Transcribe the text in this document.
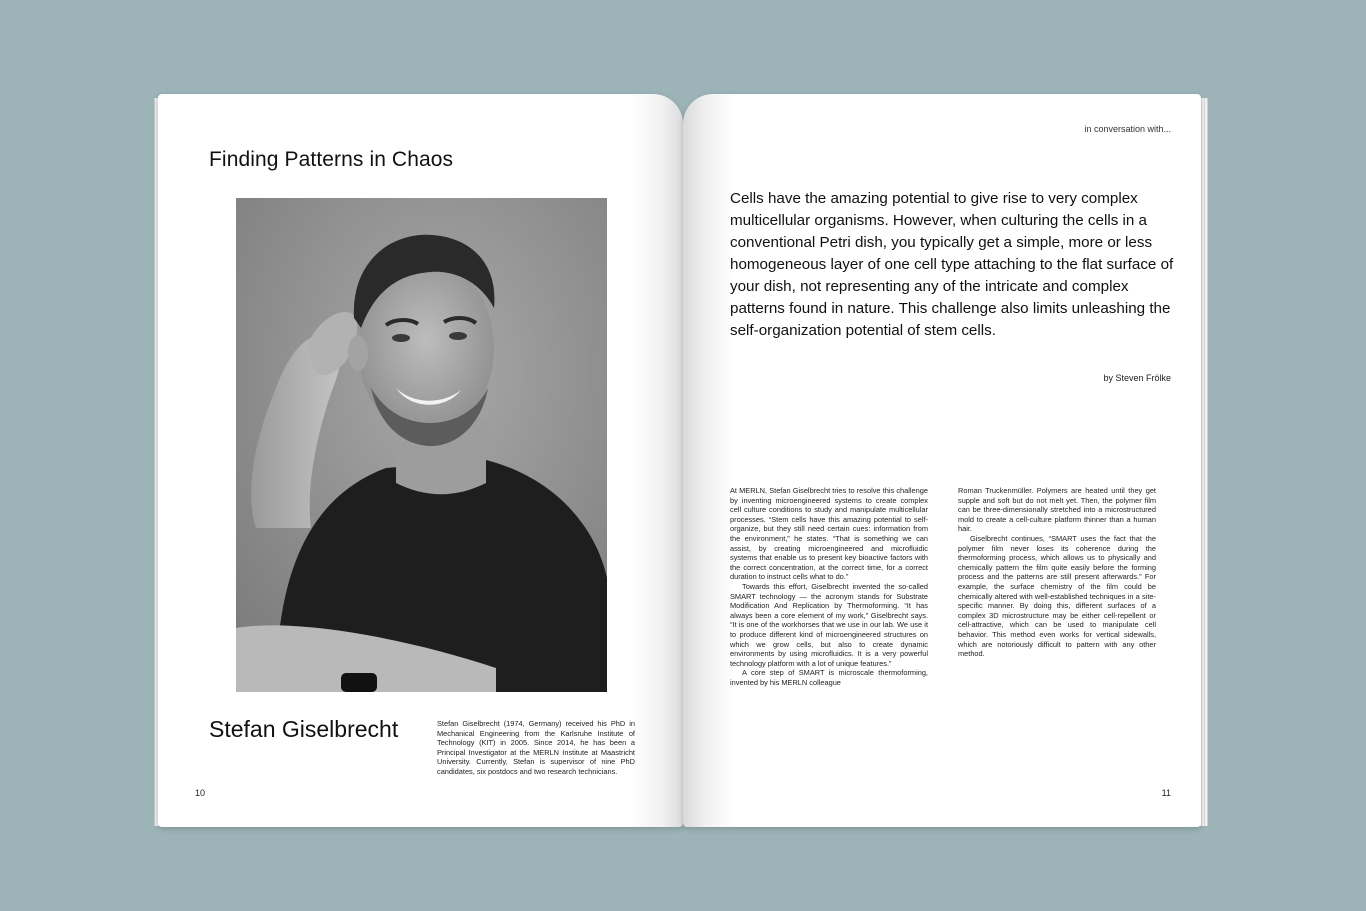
Finding Patterns in Chaos
Stefan Giselbrecht	Stefan Giselbrecht (1974, Germany) received his PhD in Mechanical Engineering from the Karlsruhe Institute of Technology (KIT) in 2005. Since 2014, he has been a Principal Investigator at the MERLN Institute at Maastricht University. Currently, Stefan is supervisor of nine PhD candidates, six postdocs and two research technicians.
10
in conversation with...
Cells have the amazing potential to give rise to very complex multicellular organisms. However, when culturing the cells in a conventional Petri dish, you typically get a simple, more or less homogeneous layer of one cell type attaching to the flat surface of your dish, not representing any of the intricate and complex patterns found in nature. This challenge also limits unleashing the self-organization potential of stem cells.
by Steven Frölke

At MERLN, Stefan Giselbrecht tries to resolve this challenge by inventing microengineered systems to create complex cell culture conditions to study and manipulate multicellular processes. “Stem cells have this amazing potential to self-organize, but they still need certain cues: information from the environment,” he states. “That is something we can assist, by creating microengineered and microfluidic systems that enable us to present key bioactive factors with the correct concentration, at the correct time, for a correct duration to instruct cells what to do.”

Towards this effort, Giselbrecht invented the so-called SMART technology — the acronym stands for Substrate Modification And Replication by Thermoforming. “It has always been a core element of my work,” Giselbrecht says. “It is one of the workhorses that we use in our lab. We use it to produce different kind of microengineered structures on which we grow cells, but also to create dynamic environments by using microfluidics. It is a very powerful technology platform with a lot of unique features.”

A core step of SMART is microscale thermoforming, invented by his MERLN colleague

Roman Truckenmüller. Polymers are heated until they get supple and soft but do not melt yet. Then, the polymer film can be three-dimensionally stretched into a microstructured mold to create a cell-culture platform thinner than a human hair.

Giselbrecht continues, “SMART uses the fact that the polymer film never loses its coherence during the thermoforming process, which allows us to physically and chemically pattern the film quite easily before the forming process and the patterns are still present afterwards.” For example, the surface chemistry of the film could be chemically altered with well-established techniques in a site-specific manner. By doing this, different surfaces of a complex 3D microstructure may be either cell-repellent or cell-attractive, which can be used to manipulate cell behavior. This method even works for vertical sidewalls, which are notoriously difficult to pattern with any other method.

11
